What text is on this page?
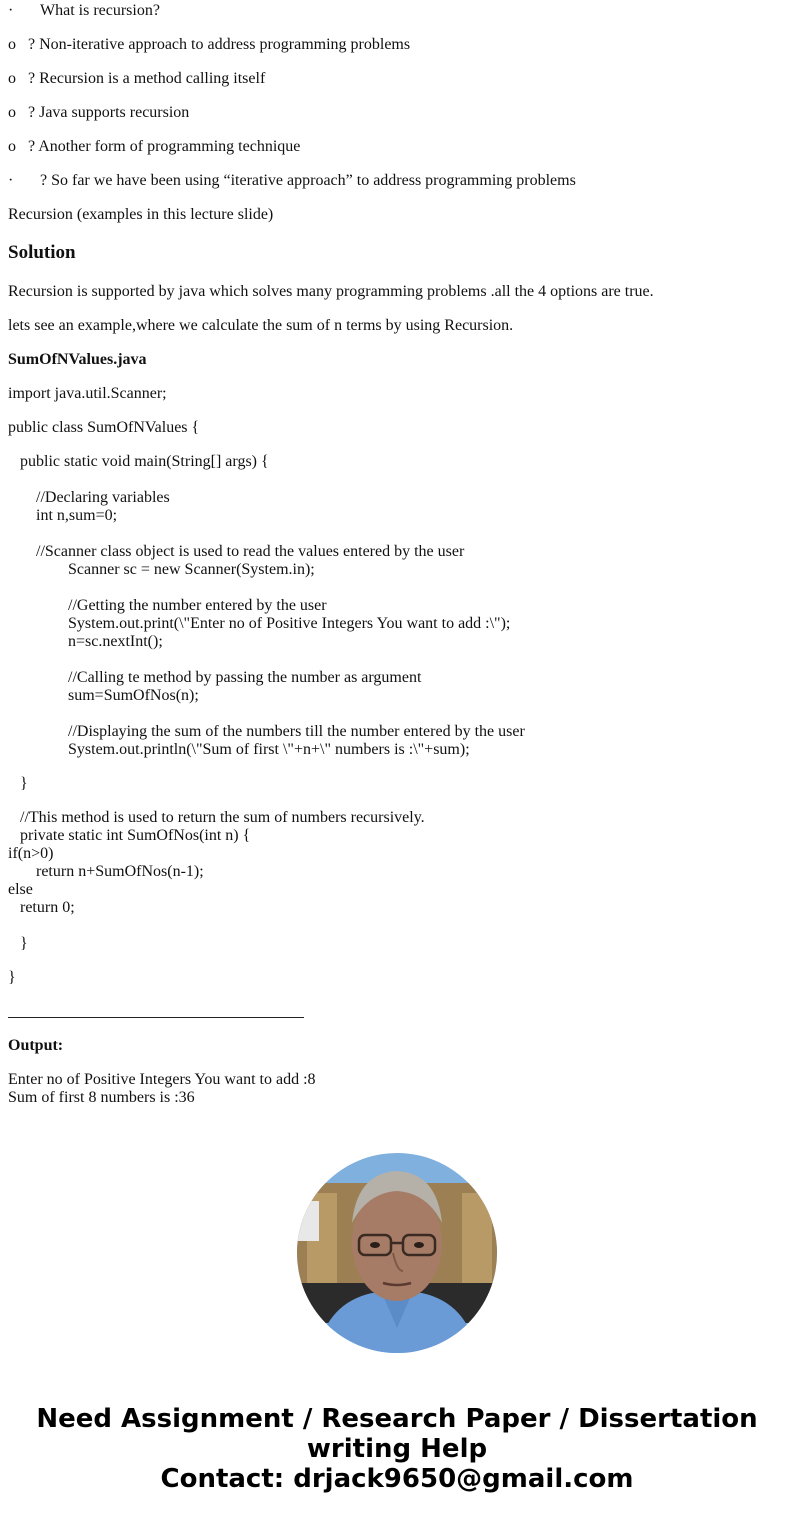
· What is recursion?
o ? Non-iterative approach to address programming problems
o ? Recursion is a method calling itself
o ? Java supports recursion
o ? Another form of programming technique
· ? So far we have been using “iterative approach” to address programming problems
Recursion (examples in this lecture slide)
Solution
Recursion is supported by java which solves many programming problems .all the 4 options are true.
lets see an example,where we calculate the sum of n terms by using Recursion.
SumOfNValues.java
import java.util.Scanner;
public class SumOfNValues {
public static void main(String[] args) {
//Declaring variables
int n,sum=0;
//Scanner class object is used to read the values entered by the user
Scanner sc = new Scanner(System.in);
//Getting the number entered by the user
System.out.print(\"Enter no of Positive Integers You want to add :\");
n=sc.nextInt();
//Calling te method by passing the number as argument
sum=SumOfNos(n);
//Displaying the sum of the numbers till the number entered by the user
System.out.println(\"Sum of first \"+n+\" numbers is :\"+sum);
}
//This method is used to return the sum of numbers recursively.
private static int SumOfNos(int n) {
if(n>0)
return n+SumOfNos(n-1);
else
return 0;
}
}
Output:
Enter no of Positive Integers You want to add :8
Sum of first 8 numbers is :36
Need Assignment / Research Paper / Dissertation
writing Help
Contact: drjack9650@gmail.com
